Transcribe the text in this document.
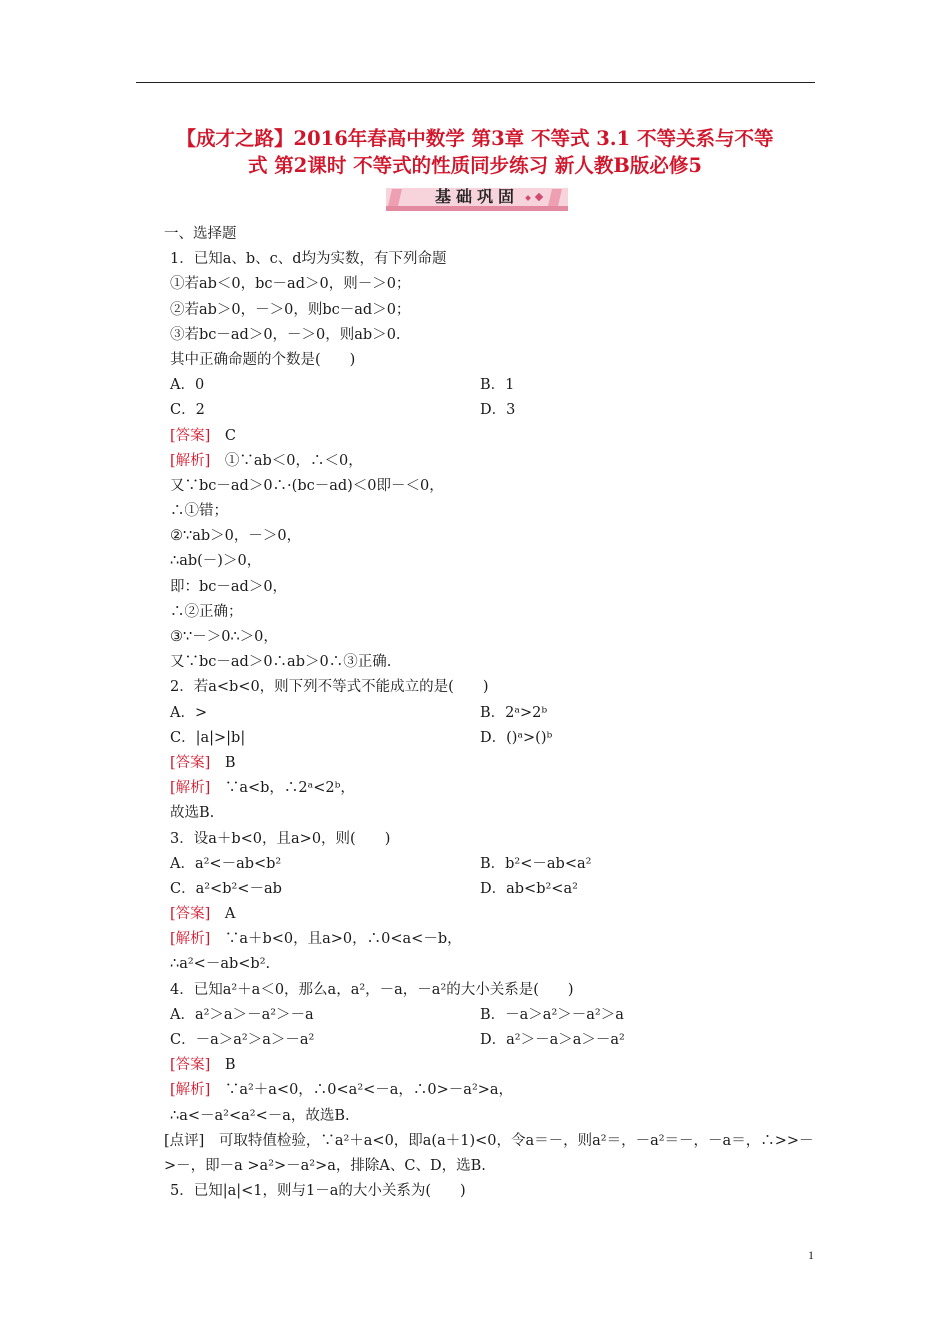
【成才之路】2016年春高中数学 第3章 不等式 3.1 不等关系与不等
式 第2课时 不等式的性质同步练习 新人教B版必修5
基础巩固
一、选择题
1．已知a、b、c、d均为实数，有下列命题
①若ab＜0，bc－ad＞0，则－＞0；
②若ab＞0，－＞0，则bc－ad＞0；
③若bc－ad＞0，－＞0，则ab＞0.
其中正确命题的个数是(　　)
A．0	B．1
C．2	D．3
[答案]　C
[解析]　①∵ab＜0，∴＜0，
又∵bc－ad＞0∴·(bc－ad)＜0即－＜0，
∴①错；
②∵ab＞0，－＞0，
∴ab(－)＞0，
即：bc－ad＞0，
∴②正确；
③∵－＞0∴＞0，
又∵bc－ad＞0∴ab＞0∴③正确.
2．若a<b<0，则下列不等式不能成立的是(　　)
A．>	B．2ᵃ>2ᵇ
C．|a|>|b|	D．()ᵃ>()ᵇ
[答案]　B
[解析]　∵a<b，∴2ᵃ<2ᵇ，
故选B.
3．设a＋b<0，且a>0，则(　　)
A．a²<－ab<b²	B．b²<－ab<a²
C．a²<b²<－ab	D．ab<b²<a²
[答案]　A
[解析]　∵a＋b<0，且a>0，∴0<a<－b，
∴a²<－ab<b².
4．已知a²＋a＜0，那么a，a²，－a，－a²的大小关系是(　　)
A．a²＞a＞－a²＞－a	B．－a＞a²＞－a²＞a
C．－a＞a²＞a＞－a²	D．a²＞－a＞a＞－a²
[答案]　B
[解析]　∵a²＋a<0，∴0<a²<－a，∴0>－a²>a，
∴a<－a²<a²<－a，故选B.
[点评]　可取特值检验，∵a²＋a<0，即a(a＋1)<0，令a＝－，则a²＝，－a²＝－，－a＝，∴>>－>－，即－a >a²>－a²>a，排除A、C、D，选B.
5．已知|a|<1，则与1－a的大小关系为(　　)
1
